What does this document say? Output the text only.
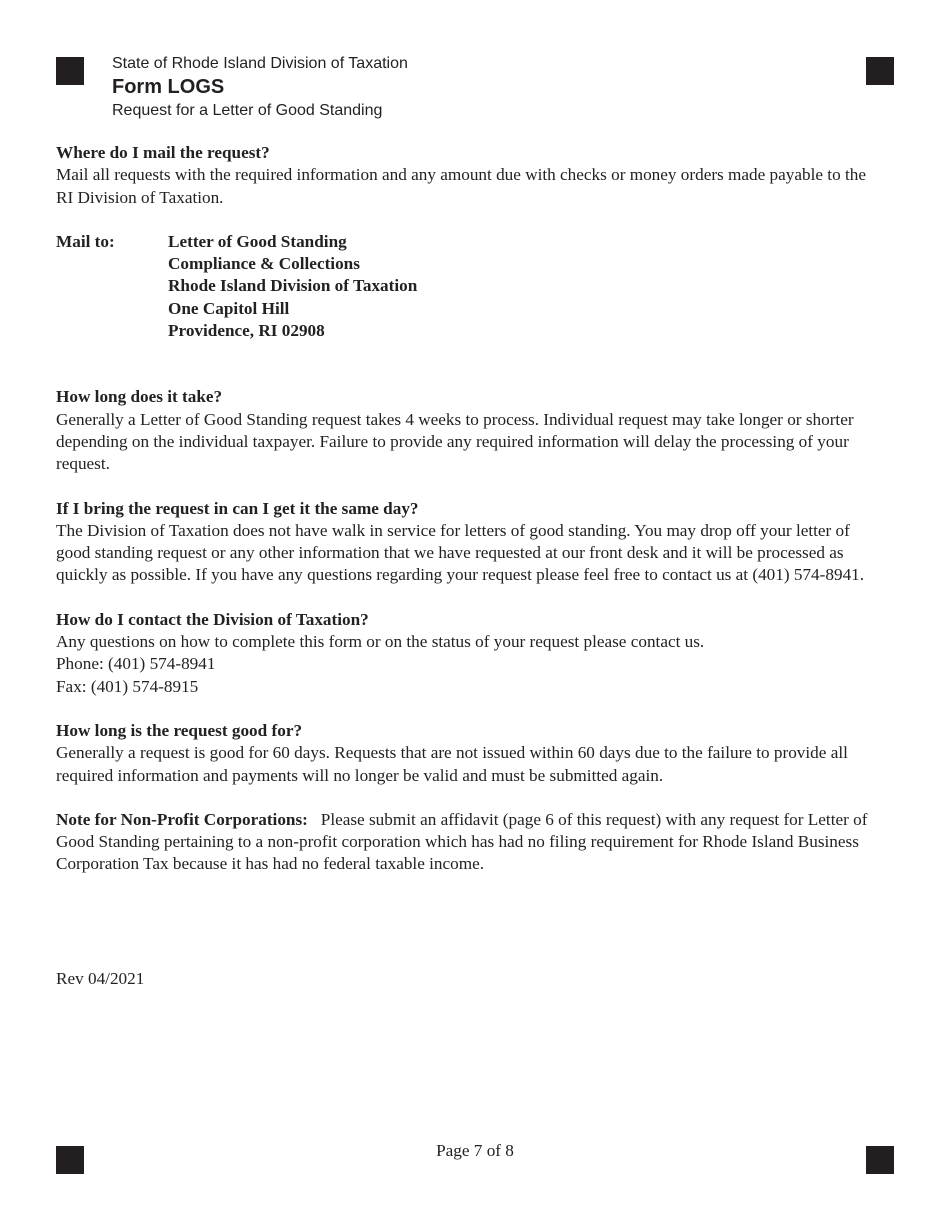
State of Rhode Island Division of Taxation
Form LOGS
Request for a Letter of Good Standing

Where do I mail the request?

Mail all requests with the required information and any amount due with checks or money orders made payable to the RI Division of Taxation.

Mail to:	Letter of Good Standing
Compliance & Collections
Rhode Island Division of Taxation
One Capitol Hill
Providence, RI 02908

How long does it take?

Generally a Letter of Good Standing request takes 4 weeks to process. Individual request may take longer or shorter depending on the individual taxpayer. Failure to provide any required information will delay the processing of your request.

If I bring the request in can I get it the same day?

The Division of Taxation does not have walk in service for letters of good standing. You may drop off your letter of good standing request or any other information that we have requested at our front desk and it will be processed as quickly as possible. If you have any questions regarding your request please feel free to contact us at (401) 574-8941.

How do I contact the Division of Taxation?

Any questions on how to complete this form or on the status of your request please contact us.

Phone: (401) 574-8941

Fax: (401) 574-8915

How long is the request good for?

Generally a request is good for 60 days. Requests that are not issued within 60 days due to the failure to provide all required information and payments will no longer be valid and must be submitted again.

Note for Non-Profit Corporations: Please submit an affidavit (page 6 of this request) with any request for Letter of Good Standing pertaining to a non-profit corporation which has had no filing requirement for Rhode Island Business Corporation Tax because it has had no federal taxable income.

Rev 04/2021
Page 7 of 8
